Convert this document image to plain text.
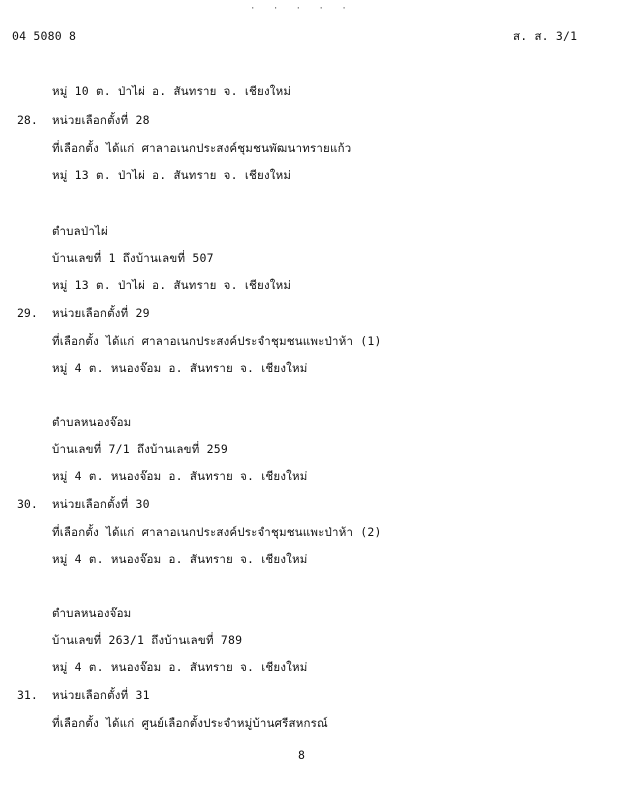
· · · · ·
04 5080 8	ส. ส. 3/1
หมู่ 10 ต. ป่าไผ่ อ. สันทราย จ. เชียงใหม่
28. หน่วยเลือกตั้งที่ 28
ที่เลือกตั้ง ได้แก่ ศาลาอเนกประสงค์ชุมชนพัฒนาทรายแก้ว
หมู่ 13 ต. ป่าไผ่ อ. สันทราย จ. เชียงใหม่
ตำบลป่าไผ่
บ้านเลขที่ 1 ถึงบ้านเลขที่ 507
หมู่ 13 ต. ป่าไผ่ อ. สันทราย จ. เชียงใหม่
29. หน่วยเลือกตั้งที่ 29
ที่เลือกตั้ง ได้แก่ ศาลาอเนกประสงค์ประจำชุมชนแพะป่าห้า (1)
หมู่ 4 ต. หนองจ๊อม อ. สันทราย จ. เชียงใหม่
ตำบลหนองจ๊อม
บ้านเลขที่ 7/1 ถึงบ้านเลขที่ 259
หมู่ 4 ต. หนองจ๊อม อ. สันทราย จ. เชียงใหม่
30. หน่วยเลือกตั้งที่ 30
ที่เลือกตั้ง ได้แก่ ศาลาอเนกประสงค์ประจำชุมชนแพะป่าห้า (2)
หมู่ 4 ต. หนองจ๊อม อ. สันทราย จ. เชียงใหม่
ตำบลหนองจ๊อม
บ้านเลขที่ 263/1 ถึงบ้านเลขที่ 789
หมู่ 4 ต. หนองจ๊อม อ. สันทราย จ. เชียงใหม่
31. หน่วยเลือกตั้งที่ 31
ที่เลือกตั้ง ได้แก่ ศูนย์เลือกตั้งประจำหมู่บ้านศรีสหกรณ์
8
